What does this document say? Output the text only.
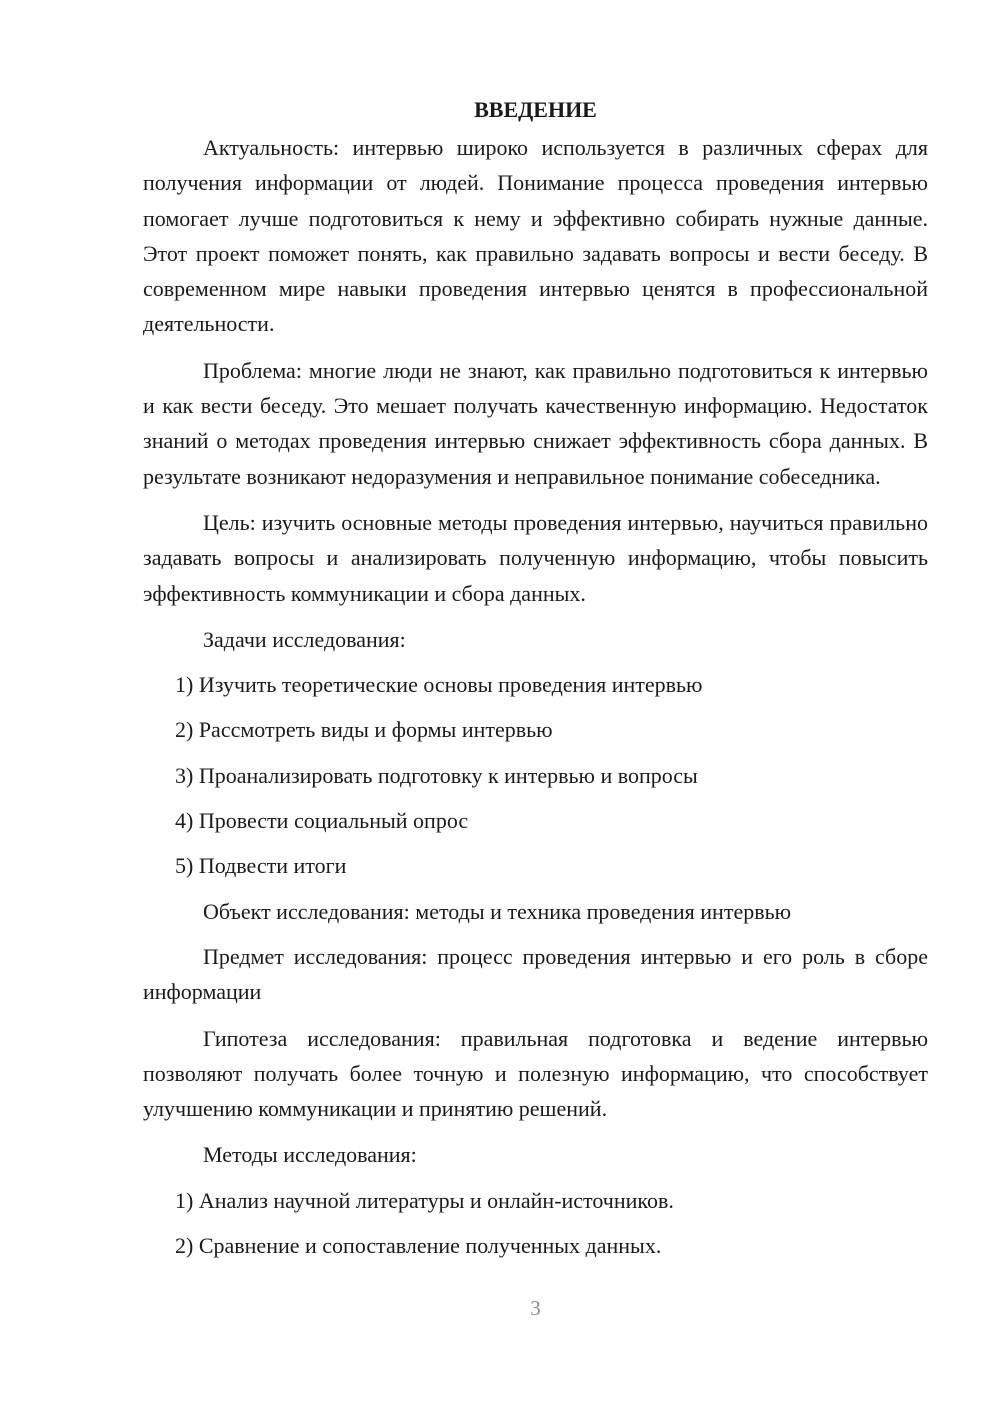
ВВЕДЕНИЕ

Актуальность: интервью широко используется в различных сферах для получения информации от людей. Понимание процесса проведения интервью помогает лучше подготовиться к нему и эффективно собирать нужные данные. Этот проект поможет понять, как правильно задавать вопросы и вести беседу. В современном мире навыки проведения интервью ценятся в профессиональной деятельности.

Проблема: многие люди не знают, как правильно подготовиться к интервью и как вести беседу. Это мешает получать качественную информацию. Недостаток знаний о методах проведения интервью снижает эффективность сбора данных. В результате возникают недоразумения и неправильное понимание собеседника.

Цель: изучить основные методы проведения интервью, научиться правильно задавать вопросы и анализировать полученную информацию, чтобы повысить эффективность коммуникации и сбора данных.

Задачи исследования:
1) Изучить теоретические основы проведения интервью
2) Рассмотреть виды и формы интервью
3) Проанализировать подготовку к интервью и вопросы
4) Провести социальный опрос
5) Подвести итоги
Объект исследования: методы и техника проведения интервью

Предмет исследования: процесс проведения интервью и его роль в сборе информации

Гипотеза исследования: правильная подготовка и ведение интервью позволяют получать более точную и полезную информацию, что способствует улучшению коммуникации и принятию решений.

Методы исследования:
1) Анализ научной литературы и онлайн-источников.
2) Сравнение и сопоставление полученных данных.
3
